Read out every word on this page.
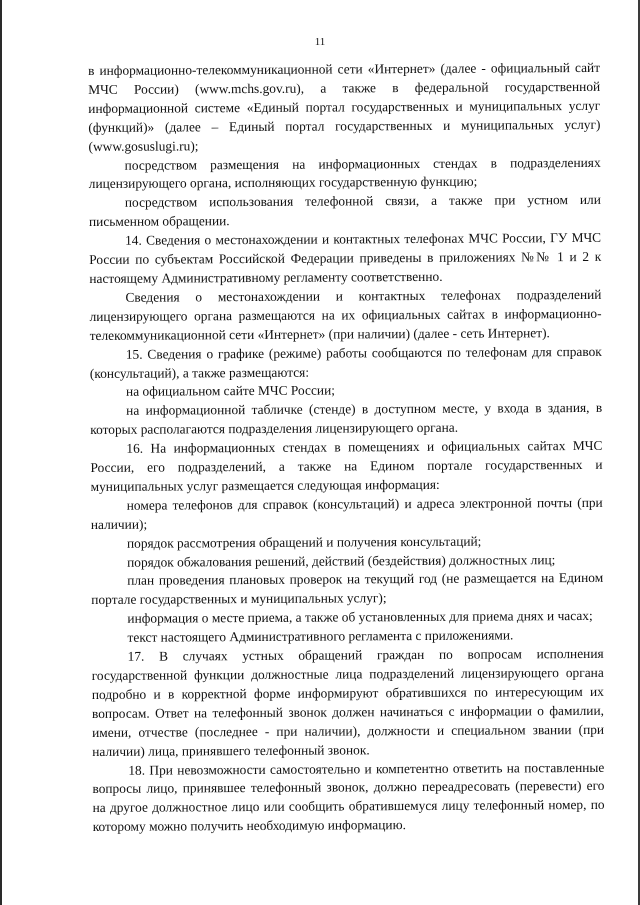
11

в информационно-телекоммуникационной сети «Интернет» (далее - официальный сайт МЧС России) (www.mchs.gov.ru), а также в федеральной государственной информационной системе «Единый портал государственных и муниципальных услуг (функций)» (далее – Единый портал государственных и муниципальных услуг) (www.gosuslugi.ru);

посредством размещения на информационных стендах в подразделениях лицензирующего органа, исполняющих государственную функцию;

посредством использования телефонной связи, а также при устном или письменном обращении.

14. Сведения о местонахождении и контактных телефонах МЧС России, ГУ МЧС России по субъектам Российской Федерации приведены в приложениях №№ 1 и 2 к настоящему Административному регламенту соответственно.

Сведения о местонахождении и контактных телефонах подразделений лицензирующего органа размещаются на их официальных сайтах в информационно-телекоммуникационной сети «Интернет» (при наличии) (далее - сеть Интернет).

15. Сведения о графике (режиме) работы сообщаются по телефонам для справок (консультаций), а также размещаются:

на официальном сайте МЧС России;

на информационной табличке (стенде) в доступном месте, у входа в здания, в которых располагаются подразделения лицензирующего органа.

16. На информационных стендах в помещениях и официальных сайтах МЧС России, его подразделений, а также на Едином портале государственных и муниципальных услуг размещается следующая информация:

номера телефонов для справок (консультаций) и адреса электронной почты (при наличии);

порядок рассмотрения обращений и получения консультаций;

порядок обжалования решений, действий (бездействия) должностных лиц;

план проведения плановых проверок на текущий год (не размещается на Едином портале государственных и муниципальных услуг);

информация о месте приема, а также об установленных для приема днях и часах;

текст настоящего Административного регламента с приложениями.

17. В случаях устных обращений граждан по вопросам исполнения государственной функции должностные лица подразделений лицензирующего органа подробно и в корректной форме информируют обратившихся по интересующим их вопросам. Ответ на телефонный звонок должен начинаться с информации о фамилии, имени, отчестве (последнее - при наличии), должности и специальном звании (при наличии) лица, принявшего телефонный звонок.

18. При невозможности самостоятельно и компетентно ответить на поставленные вопросы лицо, принявшее телефонный звонок, должно переадресовать (перевести) его на другое должностное лицо или сообщить обратившемуся лицу телефонный номер, по которому можно получить необходимую информацию.
